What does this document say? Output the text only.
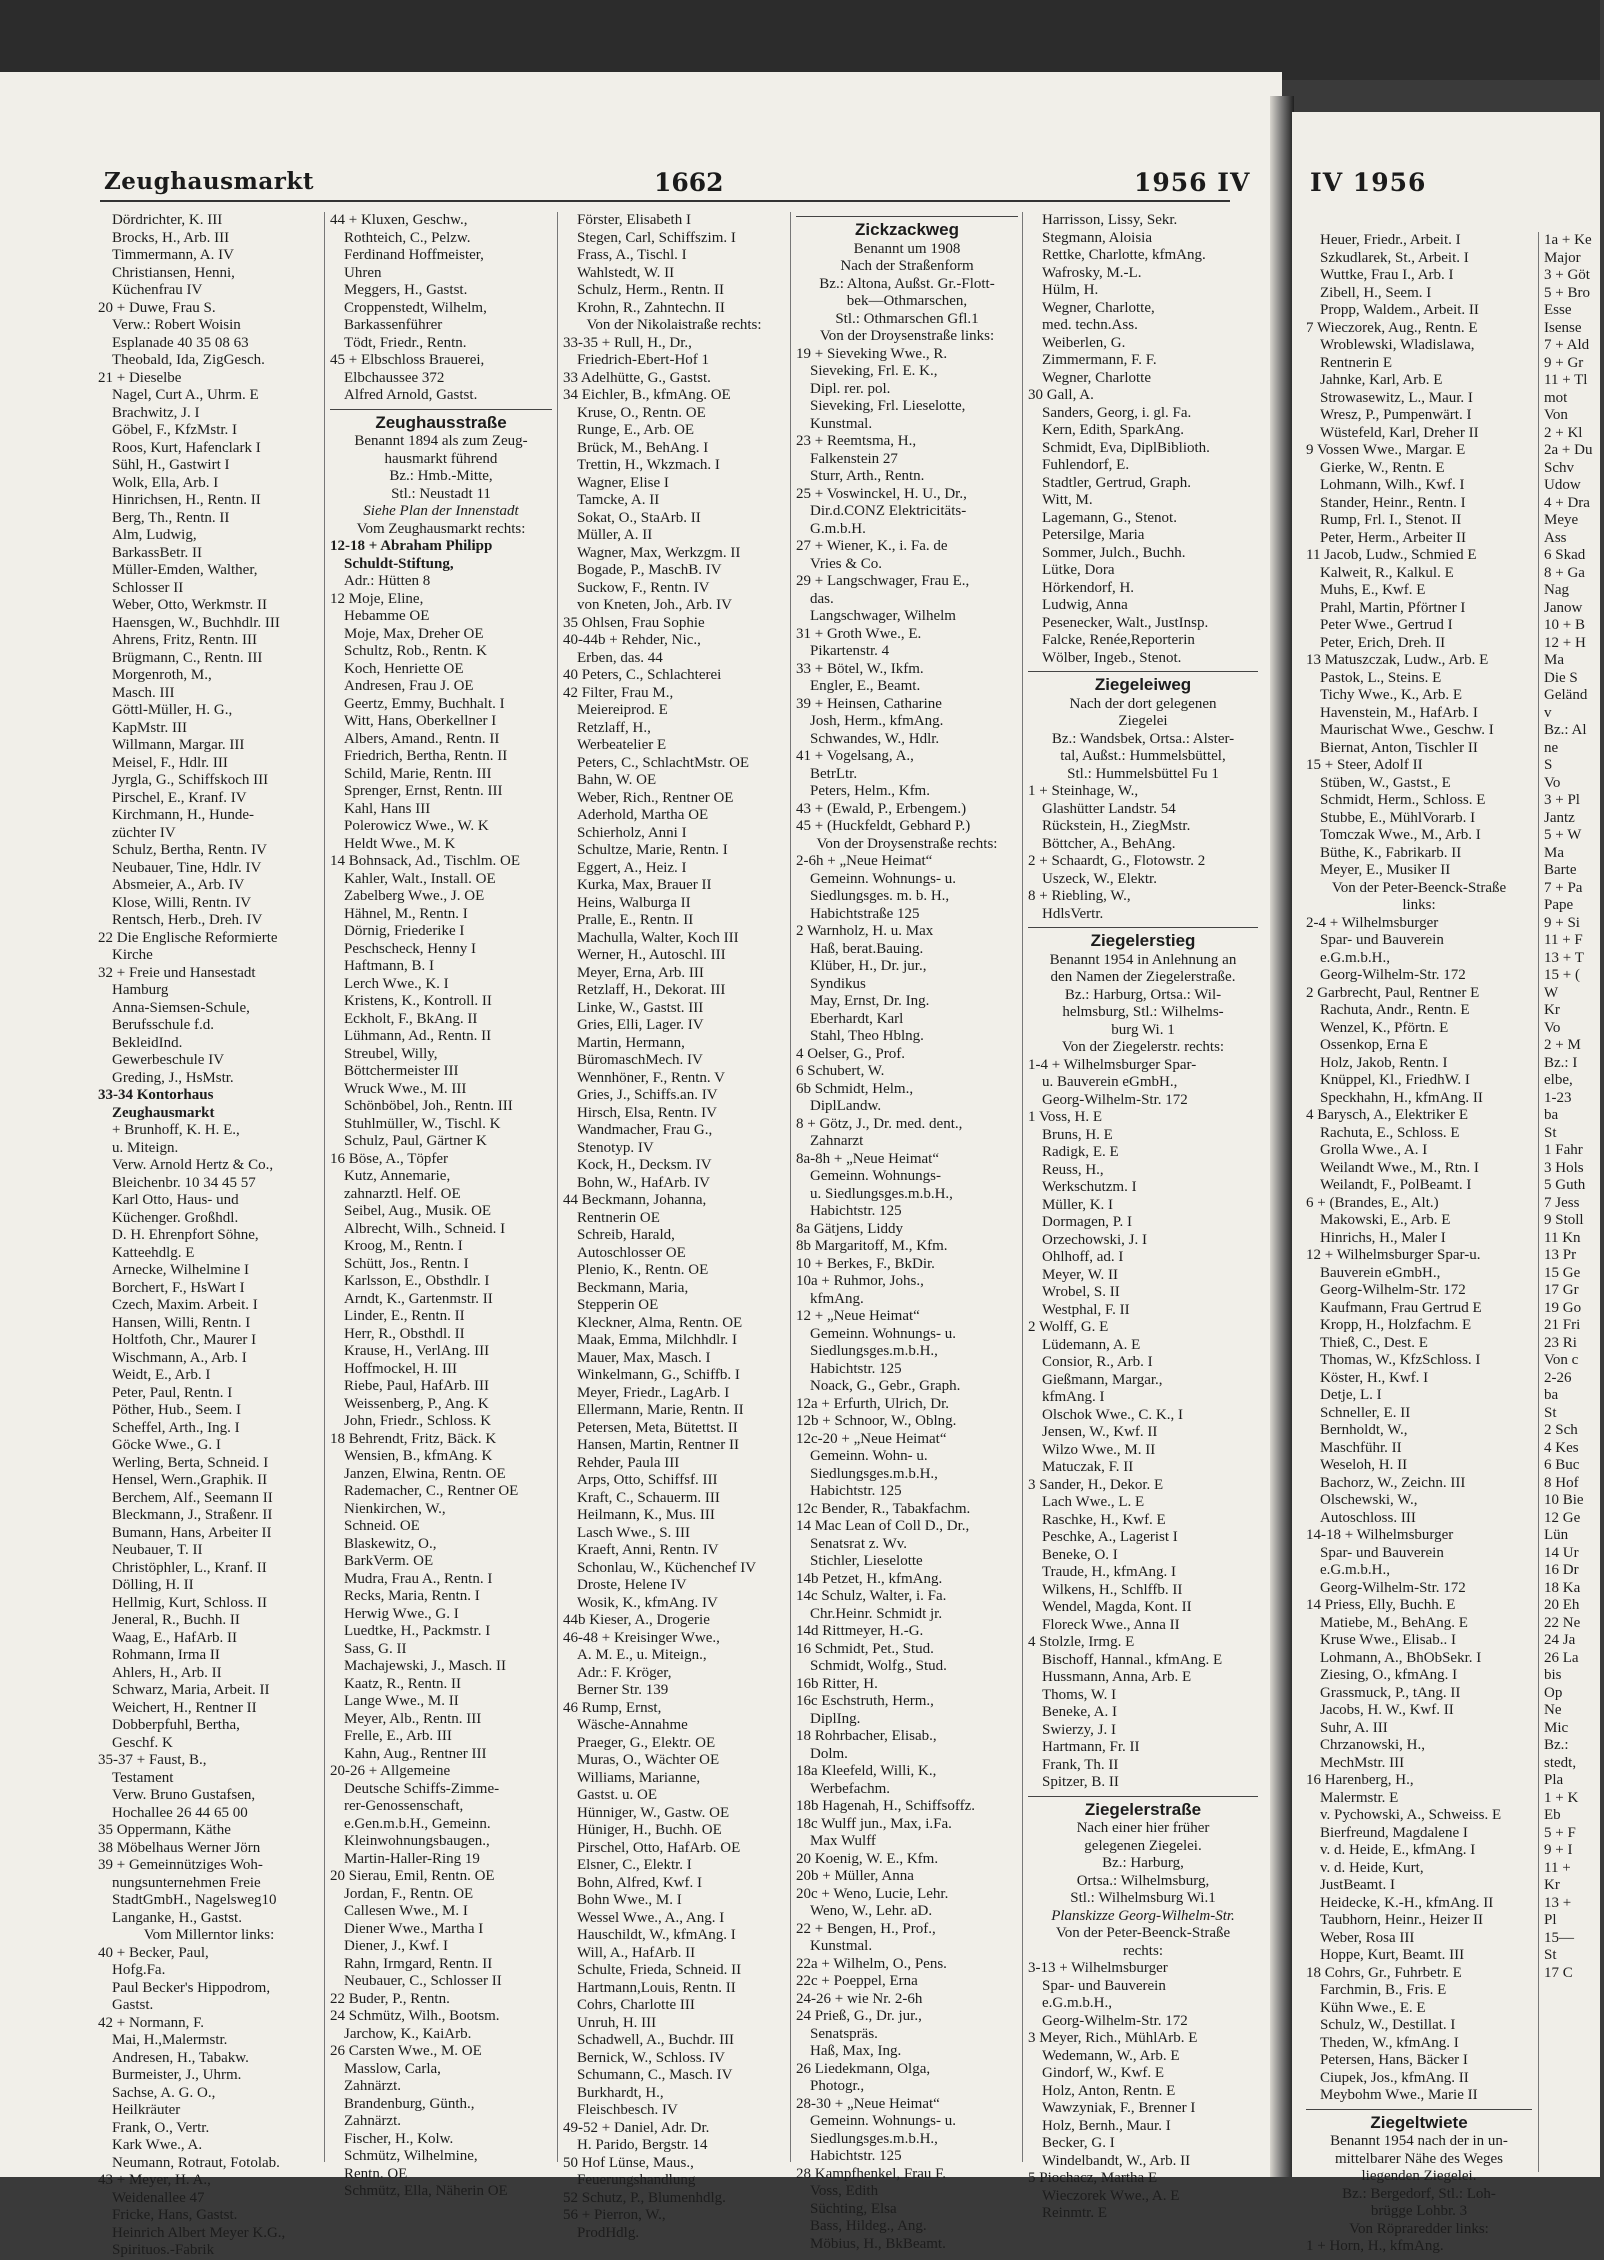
Zeughausmarkt	1662	1956 IV
Dördrichter, K. III
Brocks, H., Arb. III
Timmermann, A. IV
Christiansen, Henni,
Küchenfrau IV
20 + Duwe, Frau S.
Verw.: Robert Woisin
Esplanade 40 35 08 63
Theobald, Ida, ZigGesch.
21 + Dieselbe
Nagel, Curt A., Uhrm. E
Brachwitz, J. I
Göbel, F., KfzMstr. I
Roos, Kurt, Hafenclark I
Sühl, H., Gastwirt I
Wolk, Ella, Arb. I
Hinrichsen, H., Rentn. II
Berg, Th., Rentn. II
Alm, Ludwig,
BarkassBetr. II
Müller-Emden, Walther,
Schlosser II
Weber, Otto, Werkmstr. II
Haensgen, W., Buchhdlr. III
Ahrens, Fritz, Rentn. III
Brügmann, C., Rentn. III
Morgenroth, M.,
Masch. III
Göttl-Müller, H. G.,
KapMstr. III
Willmann, Margar. III
Meisel, F., Hdlr. III
Jyrgla, G., Schiffskoch III
Pirschel, E., Kranf. IV
Kirchmann, H., Hunde-
züchter IV
Schulz, Bertha, Rentn. IV
Neubauer, Tine, Hdlr. IV
Absmeier, A., Arb. IV
Klose, Willi, Rentn. IV
Rentsch, Herb., Dreh. IV
22 Die Englische Reformierte
Kirche
32 + Freie und Hansestadt
Hamburg
Anna-Siemsen-Schule,
Berufsschule f.d.
BekleidInd.
Gewerbeschule IV
Greding, J., HsMstr.
33-34 Kontorhaus
Zeughausmarkt
+ Brunhoff, K. H. E.,
u. Miteign.
Verw. Arnold Hertz & Co.,
Bleichenbr. 10 34 45 57
Karl Otto, Haus- und
Küchenger. Großhdl.
D. H. Ehrenpfort Söhne,
Katteehdlg. E
Arnecke, Wilhelmine I
Borchert, F., HsWart I
Czech, Maxim. Arbeit. I
Hansen, Willi, Rentn. I
Holtfoth, Chr., Maurer I
Wischmann, A., Arb. I
Weidt, E., Arb. I
Peter, Paul, Rentn. I
Pöther, Hub., Seem. I
Scheffel, Arth., Ing. I
Göcke Wwe., G. I
Werling, Berta, Schneid. I
Hensel, Wern.,Graphik. II
Berchem, Alf., Seemann II
Bleckmann, J., Straßenr. II
Bumann, Hans, Arbeiter II
Neubauer, T. II
Christöphler, L., Kranf. II
Dölling, H. II
Hellmig, Kurt, Schloss. II
Jeneral, R., Buchh. II
Waag, E., HafArb. II
Rohmann, Irma II
Ahlers, H., Arb. II
Schwarz, Maria, Arbeit. II
Weichert, H., Rentner II
Dobberpfuhl, Bertha,
Geschf. K
35-37 + Faust, B.,
Testament
Verw. Bruno Gustafsen,
Hochallee 26 44 65 00
35 Oppermann, Käthe
38 Möbelhaus Werner Jörn
39 + Gemeinnütziges Woh-
nungsunternehmen Freie
StadtGmbH., Nagelsweg10
Langanke, H., Gastst.
Vom Millerntor links:
40 + Becker, Paul,
Hofg.Fa.
Paul Becker's Hippodrom,
Gastst.
42 + Normann, F.
Mai, H.,Malermstr.
Andresen, H., Tabakw.
Burmeister, J., Uhrm.
Sachse, A. G. O.,
Heilkräuter
Frank, O., Vertr.
Kark Wwe., A.
Neumann, Rotraut, Fotolab.
43 + Meyer, H. A.,
Weidenallee 47
Fricke, Hans, Gastst.
Heinrich Albert Meyer K.G.,
Spirituos.-Fabrik
44 + Kluxen, Geschw.,
Rothteich, C., Pelzw.
Ferdinand Hoffmeister,
Uhren
Meggers, H., Gastst.
Croppenstedt, Wilhelm,
Barkassenführer
Tödt, Friedr., Rentn.
45 + Elbschloss Brauerei,
Elbchaussee 372
Alfred Arnold, Gastst.
Zeughausstraße
Benannt 1894 als zum Zeug-
hausmarkt führend
Bz.: Hmb.-Mitte,
Stl.: Neustadt 11
Siehe Plan der Innenstadt
Vom Zeughausmarkt rechts:
12-18 + Abraham Philipp
Schuldt-Stiftung,
Adr.: Hütten 8
12 Moje, Eline,
Hebamme OE
Moje, Max, Dreher OE
Schultz, Rob., Rentn. K
Koch, Henriette OE
Andresen, Frau J. OE
Geertz, Emmy, Buchhalt. I
Witt, Hans, Oberkellner I
Albers, Amand., Rentn. II
Friedrich, Bertha, Rentn. II
Schild, Marie, Rentn. III
Sprenger, Ernst, Rentn. III
Kahl, Hans III
Polerowicz Wwe., W. K
Heldt Wwe., M. K
14 Bohnsack, Ad., Tischlm. OE
Kahler, Walt., Install. OE
Zabelberg Wwe., J. OE
Hähnel, M., Rentn. I
Dörnig, Friederike I
Peschscheck, Henny I
Haftmann, B. I
Lerch Wwe., K. I
Kristens, K., Kontroll. II
Eckholt, F., BkAng. II
Lühmann, Ad., Rentn. II
Streubel, Willy,
Böttchermeister III
Wruck Wwe., M. III
Schönböbel, Joh., Rentn. III
Stuhlmüller, W., Tischl. K
Schulz, Paul, Gärtner K
16 Böse, A., Töpfer
Kutz, Annemarie,
zahnarztl. Helf. OE
Seibel, Aug., Musik. OE
Albrecht, Wilh., Schneid. I
Kroog, M., Rentn. I
Schütt, Jos., Rentn. I
Karlsson, E., Obsthdlr. I
Arndt, K., Gartenmstr. II
Linder, E., Rentn. II
Herr, R., Obsthdl. II
Krause, H., VerlAng. III
Hoffmockel, H. III
Riebe, Paul, HafArb. III
Weissenberg, P., Ang. K
John, Friedr., Schloss. K
18 Behrendt, Fritz, Bäck. K
Wensien, B., kfmAng. K
Janzen, Elwina, Rentn. OE
Rademacher, C., Rentner OE
Nienkirchen, W.,
Schneid. OE
Blaskewitz, O.,
BarkVerm. OE
Mudra, Frau A., Rentn. I
Recks, Maria, Rentn. I
Herwig Wwe., G. I
Luedtke, H., Packmstr. I
Sass, G. II
Machajewski, J., Masch. II
Kaatz, R., Rentn. II
Lange Wwe., M. II
Meyer, Alb., Rentn. III
Frelle, E., Arb. III
Kahn, Aug., Rentner III
20-26 + Allgemeine
Deutsche Schiffs-Zimme-
rer-Genossenschaft,
e.Gen.m.b.H., Gemeinn.
Kleinwohnungsbaugen.,
Martin-Haller-Ring 19
20 Sierau, Emil, Rentn. OE
Jordan, F., Rentn. OE
Callesen Wwe., M. I
Diener Wwe., Martha I
Diener, J., Kwf. I
Rahn, Irmgard, Rentn. II
Neubauer, C., Schlosser II
22 Buder, P., Rentn.
24 Schmütz, Wilh., Bootsm.
Jarchow, K., KaiArb.
26 Carsten Wwe., M. OE
Masslow, Carla,
Zahnärzt.
Brandenburg, Günth.,
Zahnärzt.
Fischer, H., Kolw.
Schmütz, Wilhelmine,
Rentn. OE
Schmütz, Ella, Näherin OE
Förster, Elisabeth I
Stegen, Carl, Schiffszim. I
Frass, A., Tischl. I
Wahlstedt, W. II
Schulz, Herm., Rentn. II
Krohn, R., Zahntechn. II
Von der Nikolaistraße rechts:
33-35 + Rull, H., Dr.,
Friedrich-Ebert-Hof 1
33 Adelhütte, G., Gastst.
34 Eichler, B., kfmAng. OE
Kruse, O., Rentn. OE
Runge, E., Arb. OE
Brück, M., BehAng. I
Trettin, H., Wkzmach. I
Wagner, Elise I
Tamcke, A. II
Sokat, O., StaArb. II
Müller, A. II
Wagner, Max, Werkzgm. II
Bogade, P., MaschB. IV
Suckow, F., Rentn. IV
von Kneten, Joh., Arb. IV
35 Ohlsen, Frau Sophie
40-44b + Rehder, Nic.,
Erben, das. 44
40 Peters, C., Schlachterei
42 Filter, Frau M.,
Meiereiprod. E
Retzlaff, H.,
Werbeatelier E
Peters, C., SchlachtMstr. OE
Bahn, W. OE
Weber, Rich., Rentner OE
Aderhold, Martha OE
Schierholz, Anni I
Schultze, Marie, Rentn. I
Eggert, A., Heiz. I
Kurka, Max, Brauer II
Heins, Walburga II
Pralle, E., Rentn. II
Machulla, Walter, Koch III
Werner, H., Autoschl. III
Meyer, Erna, Arb. III
Retzlaff, H., Dekorat. III
Linke, W., Gastst. III
Gries, Elli, Lager. IV
Martin, Hermann,
BüromaschMech. IV
Wennhöner, F., Rentn. V
Gries, J., Schiffs.an. IV
Hirsch, Elsa, Rentn. IV
Wandmacher, Frau G.,
Stenotyp. IV
Kock, H., Decksm. IV
Bohn, W., HafArb. IV
44 Beckmann, Johanna,
Rentnerin OE
Schreib, Harald,
Autoschlosser OE
Plenio, K., Rentn. OE
Beckmann, Maria,
Stepperin OE
Kleckner, Alma, Rentn. OE
Maak, Emma, Milchhdlr. I
Mauer, Max, Masch. I
Winkelmann, G., Schiffb. I
Meyer, Friedr., LagArb. I
Ellermann, Marie, Rentn. II
Petersen, Meta, Bütettst. II
Hansen, Martin, Rentner II
Rehder, Paula III
Arps, Otto, Schiffsf. III
Kraft, C., Schauerm. III
Heilmann, K., Mus. III
Lasch Wwe., S. III
Kraeft, Anni, Rentn. IV
Schonlau, W., Küchenchef IV
Droste, Helene IV
Wosik, K., kfmAng. IV
44b Kieser, A., Drogerie
46-48 + Kreisinger Wwe.,
A. M. E., u. Miteign.,
Adr.: F. Kröger,
Berner Str. 139
46 Rump, Ernst,
Wäsche-Annahme
Praeger, G., Elektr. OE
Muras, O., Wächter OE
Williams, Marianne,
Gastst. u. OE
Hünniger, W., Gastw. OE
Hüniger, H., Buchh. OE
Pirschel, Otto, HafArb. OE
Elsner, C., Elektr. I
Bohn, Alfred, Kwf. I
Bohn Wwe., M. I
Wessel Wwe., A., Ang. I
Hauschildt, W., kfmAng. I
Will, A., HafArb. II
Schulte, Frieda, Schneid. II
Hartmann,Louis, Rentn. II
Cohrs, Charlotte III
Unruh, H. III
Schadwell, A., Buchdr. III
Bernick, W., Schloss. IV
Schumann, C., Masch. IV
Burkhardt, H.,
Fleischbesch. IV
49-52 + Daniel, Adr. Dr.
H. Parido, Bergstr. 14
50 Hof Lünse, Maus.,
Feuerungshandlung
52 Schutz, P., Blumenhdlg.
56 + Pierron, W.,
ProdHdlg.
Zickzackweg
Benannt um 1908
Nach der Straßenform
Bz.: Altona, Außst. Gr.-Flott-
bek—Othmarschen,
Stl.: Othmarschen Gfl.1
Von der Droysenstraße links:
19 + Sieveking Wwe., R.
Sieveking, Frl. E. K.,
Dipl. rer. pol.
Sieveking, Frl. Lieselotte,
Kunstmal.
23 + Reemtsma, H.,
Falkenstein 27
Sturr, Arth., Rentn.
25 + Voswinckel, H. U., Dr.,
Dir.d.CONZ Elektricitäts-
G.m.b.H.
27 + Wiener, K., i. Fa. de
Vries & Co.
29 + Langschwager, Frau E.,
das.
Langschwager, Wilhelm
31 + Groth Wwe., E.
Pikartenstr. 4
33 + Bötel, W., Ikfm.
Engler, E., Beamt.
39 + Heinsen, Catharine
Josh, Herm., kfmAng.
Schwandes, W., Hdlr.
41 + Vogelsang, A.,
BetrLtr.
Peters, Helm., Kfm.
43 + (Ewald, P., Erbengem.)
45 + (Huckfeldt, Gebhard P.)
Von der Droysenstraße rechts:
2-6h + „Neue Heimat“
Gemeinn. Wohnungs- u.
Siedlungsges. m. b. H.,
Habichtstraße 125
2 Warnholz, H. u. Max
Haß, berat.Bauing.
Klüber, H., Dr. jur.,
Syndikus
May, Ernst, Dr. Ing.
Eberhardt, Karl
Stahl, Theo Hblng.
4 Oelser, G., Prof.
6 Schubert, W.
6b Schmidt, Helm.,
DiplLandw.
8 + Götz, J., Dr. med. dent.,
Zahnarzt
8a-8h + „Neue Heimat“
Gemeinn. Wohnungs-
u. Siedlungsges.m.b.H.,
Habichtstr. 125
8a Gätjens, Liddy
8b Margaritoff, M., Kfm.
10 + Berkes, F., BkDir.
10a + Ruhmor, Johs.,
kfmAng.
12 + „Neue Heimat“
Gemeinn. Wohnungs- u.
Siedlungsges.m.b.H.,
Habichtstr. 125
Noack, G., Gebr., Graph.
12a + Erfurth, Ulrich, Dr.
12b + Schnoor, W., Oblng.
12c-20 + „Neue Heimat“
Gemeinn. Wohn- u.
Siedlungsges.m.b.H.,
Habichtstr. 125
12c Bender, R., Tabakfachm.
14 Mac Lean of Coll D., Dr.,
Senatsrat z. Wv.
Stichler, Lieselotte
14b Petzet, H., kfmAng.
14c Schulz, Walter, i. Fa.
Chr.Heinr. Schmidt jr.
14d Rittmeyer, H.-G.
16 Schmidt, Pet., Stud.
Schmidt, Wolfg., Stud.
16b Ritter, H.
16c Eschstruth, Herm.,
DiplIng.
18 Rohrbacher, Elisab.,
Dolm.
18a Kleefeld, Willi, K.,
Werbefachm.
18b Hagenah, H., Schiffsoffz.
18c Wulff jun., Max, i.Fa.
Max Wulff
20 Koenig, W. E., Kfm.
20b + Müller, Anna
20c + Weno, Lucie, Lehr.
Weno, W., Lehr. aD.
22 + Bengen, H., Prof.,
Kunstmal.
22a + Wilhelm, O., Pens.
22c + Poeppel, Erna
24-26 + wie Nr. 2-6h
24 Prieß, G., Dr. jur.,
Senatspräs.
Haß, Max, Ing.
26 Liedekmann, Olga,
Photogr.,
28-30 + „Neue Heimat“
Gemeinn. Wohnungs- u.
Siedlungsges.m.b.H.,
Habichtstr. 125
28 Kampfhenkel, Frau F.
Voss, Edith
Süchting, Elsa
Bass, Hildeg., Ang.
Möbius, H., BkBeamt.
Harrisson, Lissy, Sekr.
Stegmann, Aloisia
Rettke, Charlotte, kfmAng.
Wafrosky, M.-L.
Hülm, H.
Wegner, Charlotte,
med. techn.Ass.
Weiberlen, G.
Zimmermann, F. F.
Wegner, Charlotte
30 Gall, A.
Sanders, Georg, i. gl. Fa.
Kern, Edith, SparkAng.
Schmidt, Eva, DiplBiblioth.
Fuhlendorf, E.
Stadtler, Gertrud, Graph.
Witt, M.
Lagemann, G., Stenot.
Petersilge, Maria
Sommer, Julch., Buchh.
Lütke, Dora
Hörkendorf, H.
Ludwig, Anna
Pesenecker, Walt., JustInsp.
Falcke, Renée,Reporterin
Wölber, Ingeb., Stenot.
Ziegeleiweg
Nach der dort gelegenen
Ziegelei
Bz.: Wandsbek, Ortsa.: Alster-
tal, Außst.: Hummelsbüttel,
Stl.: Hummelsbüttel Fu 1
1 + Steinhage, W.,
Glashütter Landstr. 54
Rückstein, H., ZiegMstr.
Böttcher, A., BehAng.
2 + Schaardt, G., Flotowstr. 2
Uszeck, W., Elektr.
8 + Riebling, W.,
HdlsVertr.
Ziegelerstieg
Benannt 1954 in Anlehnung an
den Namen der Ziegelerstraße.
Bz.: Harburg, Ortsa.: Wil-
helmsburg, Stl.: Wilhelms-
burg Wi. 1
Von der Ziegelerstr. rechts:
1-4 + Wilhelmsburger Spar-
u. Bauverein eGmbH.,
Georg-Wilhelm-Str. 172
1 Voss, H. E
Bruns, H. E
Radigk, E. E
Reuss, H.,
Werkschutzm. I
Müller, K. I
Dormagen, P. I
Orzechowski, J. I
Ohlhoff, ad. I
Meyer, W. II
Wrobel, S. II
Westphal, F. II
2 Wolff, G. E
Lüdemann, A. E
Consior, R., Arb. I
Gießmann, Margar.,
kfmAng. I
Olschok Wwe., C. K., I
Jensen, W., Kwf. II
Wilzo Wwe., M. II
Matuczak, F. II
3 Sander, H., Dekor. E
Lach Wwe., L. E
Raschke, H., Kwf. E
Peschke, A., Lagerist I
Beneke, O. I
Traude, H., kfmAng. I
Wilkens, H., Schlffb. II
Wendel, Magda, Kont. II
Floreck Wwe., Anna II
4 Stolzle, Irmg. E
Bischoff, Hannal., kfmAng. E
Hussmann, Anna, Arb. E
Thoms, W. I
Beneke, A. I
Swierzy, J. I
Hartmann, Fr. II
Frank, Th. II
Spitzer, B. II
Ziegelerstraße
Nach einer hier früher
gelegenen Ziegelei.
Bz.: Harburg,
Ortsa.: Wilhelmsburg,
Stl.: Wilhelmsburg Wi.1
Planskizze Georg-Wilhelm-Str.
Von der Peter-Beenck-Straße
rechts:
3-13 + Wilhelmsburger
Spar- und Bauverein
e.G.m.b.H.,
Georg-Wilhelm-Str. 172
3 Meyer, Rich., MühlArb. E
Wedemann, W., Arb. E
Gindorf, W., Kwf. E
Holz, Anton, Rentn. E
Wawzyniak, F., Brenner I
Holz, Bernh., Maur. I
Becker, G. I
Windelbandt, W., Arb. II
5 Piochacz, Martha E
Wieczorek Wwe., A. E
Reinmtr. E
IV 1956
Heuer, Friedr., Arbeit. I
Szkudlarek, St., Arbeit. I
Wuttke, Frau I., Arb. I
Zibell, H., Seem. I
Propp, Waldem., Arbeit. II
7 Wieczorek, Aug., Rentn. E
Wroblewski, Wladislawa,
Rentnerin E
Jahnke, Karl, Arb. E
Strowasewitz, L., Maur. I
Wresz, P., Pumpenwärt. I
Wüstefeld, Karl, Dreher II
9 Vossen Wwe., Margar. E
Gierke, W., Rentn. E
Lohmann, Wilh., Kwf. I
Stander, Heinr., Rentn. I
Rump, Frl. I., Stenot. II
Peter, Herm., Arbeiter II
11 Jacob, Ludw., Schmied E
Kalweit, R., Kalkul. E
Muhs, E., Kwf. E
Prahl, Martin, Pförtner I
Peter Wwe., Gertrud I
Peter, Erich, Dreh. II
13 Matuszczak, Ludw., Arb. E
Pastok, L., Steins. E
Tichy Wwe., K., Arb. E
Havenstein, M., HafArb. I
Maurischat Wwe., Geschw. I
Biernat, Anton, Tischler II
15 + Steer, Adolf II
Stüben, W., Gastst., E
Schmidt, Herm., Schloss. E
Stubbe, E., MühlVorarb. I
Tomczak Wwe., M., Arb. I
Büthe, K., Fabrikarb. II
Meyer, E., Musiker II
Von der Peter-Beenck-Straße
links:
2-4 + Wilhelmsburger
Spar- und Bauverein
e.G.m.b.H.,
Georg-Wilhelm-Str. 172
2 Garbrecht, Paul, Rentner E
Rachuta, Andr., Rentn. E
Wenzel, K., Pförtn. E
Ossenkop, Erna E
Holz, Jakob, Rentn. I
Knüppel, Kl., FriedhW. I
Speckhahn, H., kfmAng. II
4 Barysch, A., Elektriker E
Rachuta, E., Schloss. E
Grolla Wwe., A. I
Weilandt Wwe., M., Rtn. I
Weilandt, F., PolBeamt. I
6 + (Brandes, E., Alt.)
Makowski, E., Arb. E
Hinrichs, H., Maler I
12 + Wilhelmsburger Spar-u.
Bauverein eGmbH.,
Georg-Wilhelm-Str. 172
Kaufmann, Frau Gertrud E
Kropp, H., Holzfachm. E
Thieß, C., Dest. E
Thomas, W., KfzSchloss. I
Köster, H., Kwf. I
Detje, L. I
Schneller, E. II
Bernholdt, W.,
Maschführ. II
Weseloh, H. II
Bachorz, W., Zeichn. III
Olschewski, W.,
Autoschloss. III
14-18 + Wilhelmsburger
Spar- und Bauverein
e.G.m.b.H.,
Georg-Wilhelm-Str. 172
14 Priess, Elly, Buchh. E
Matiebe, M., BehAng. E
Kruse Wwe., Elisab.. I
Lohmann, A., BhObSekr. I
Ziesing, O., kfmAng. I
Grassmuck, P., tAng. II
Jacobs, H. W., Kwf. II
Suhr, A. III
Chrzanowski, H.,
MechMstr. III
16 Harenberg, H.,
Malermstr. E
v. Pychowski, A., Schweiss. E
Bierfreund, Magdalene I
v. d. Heide, E., kfmAng. I
v. d. Heide, Kurt,
JustBeamt. I
Heidecke, K.-H., kfmAng. II
Taubhorn, Heinr., Heizer II
Weber, Rosa III
Hoppe, Kurt, Beamt. III
18 Cohrs, Gr., Fuhrbetr. E
Farchmin, B., Fris. E
Kühn Wwe., E. E
Schulz, W., Destillat. I
Theden, W., kfmAng. I
Petersen, Hans, Bäcker I
Ciupek, Jos., kfmAng. II
Meybohm Wwe., Marie II
Ziegeltwiete
Benannt 1954 nach der in un-
mittelbarer Nähe des Weges
liegenden Ziegelei.
Bz.: Bergedorf, Stl.: Loh-
brügge Lohbr. 3
Von Röpraredder links:
1 + Horn, H., kfmAng.
1a + Ke
Major
3 + Göt
5 + Bro
Esse
Isense
7 + Ald
9 + Gr
11 + Tl
mot
Von
2 + Kl
2a + Du
Schv
Udow
4 + Dra
Meye
Ass
6 Skad
8 + Ga
Nag
Janow
10 + B
12 + H
Ma
Die S
Geländ
v
Bz.: Al
ne
S
Vo
3 + Pl
Jantz
5 + W
Ma
Barte
7 + Pa
Pape
9 + Si
11 + F
13 + T
15 + (
W
Kr
Vo
2 + M
Bz.: I
elbe,
1-23
ba
St
1 Fahr
3 Hols
5 Guth
7 Jess
9 Stoll
11 Kn
13 Pr
15 Ge
17 Gr
19 Go
21 Fri
23 Ri
Von c
2-26
ba
St
2 Sch
4 Kes
6 Buc
8 Hof
10 Bie
12 Ge
Lün
14 Ur
16 Dr
18 Ka
20 Eh
22 Ne
24 Ja
26 La
bis
Op
Ne
Mic
Bz.:
stedt,
Pla
1 + K
Eb
5 + F
9 + I
11 +
Kr
13 +
Pl
15—
St
17 C
